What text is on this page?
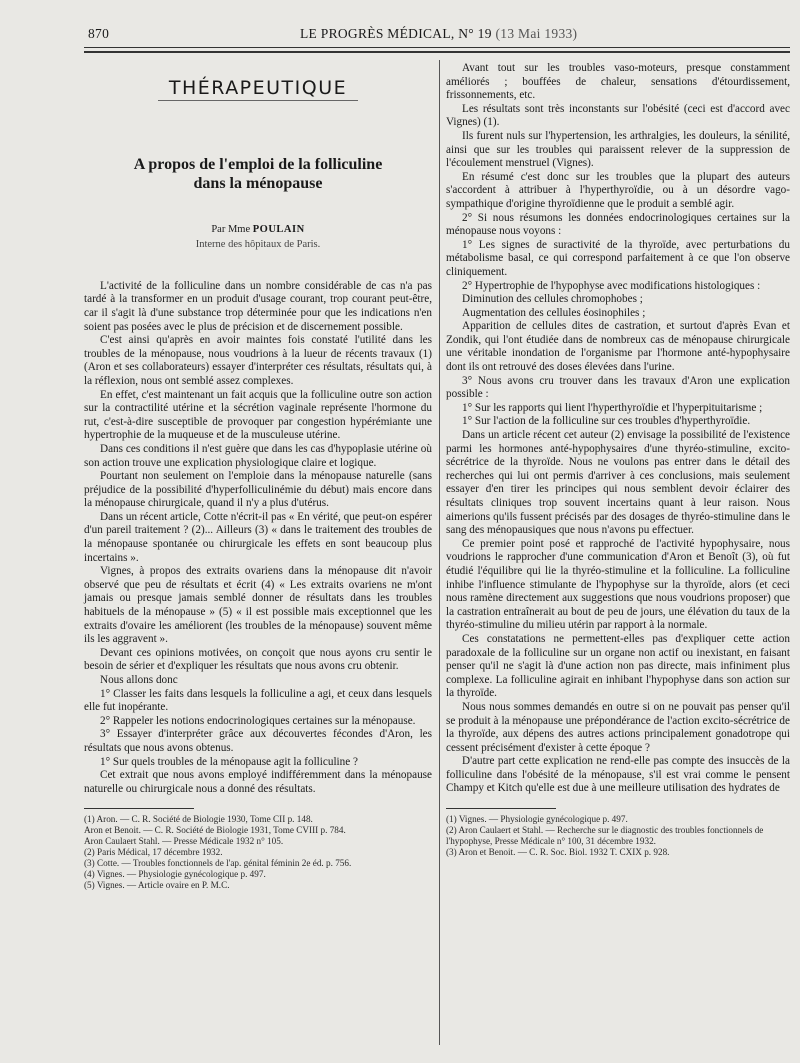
870	LE PROGRÈS MÉDICAL, N° 19 (13 Mai 1933)
THÉRAPEUTIQUE
A propos de l'emploi de la folliculine
dans la ménopause
Par Mme POULAIN
Interne des hôpitaux de Paris.

L'activité de la folliculine dans un nombre considérable de cas n'a pas tardé à la transformer en un produit d'usage courant, trop courant peut-être, car il s'agit là d'une substance trop déterminée pour que les indications n'en soient pas posées avec le plus de précision et de discernement possible.

C'est ainsi qu'après en avoir maintes fois constaté l'utilité dans les troubles de la ménopause, nous voudrions à la lueur de récents travaux (1) (Aron et ses collaborateurs) essayer d'interpréter ces résultats, résultats qui, à la réflexion, nous ont semblé assez complexes.

En effet, c'est maintenant un fait acquis que la folliculine outre son action sur la contractilité utérine et la sécrétion vaginale représente l'hormone du rut, c'est-à-dire susceptible de provoquer par congestion hypérémiante une hypertrophie de la muqueuse et de la musculeuse utérine.

Dans ces conditions il n'est guère que dans les cas d'hypoplasie utérine où son action trouve une explication physiologique claire et logique.

Pourtant non seulement on l'emploie dans la ménopause naturelle (sans préjudice de la possibilité d'hyperfolliculinémie du début) mais encore dans la ménopause chirurgicale, quand il n'y a plus d'utérus.

Dans un récent article, Cotte n'écrit-il pas « En vérité, que peut-on espérer d'un pareil traitement ? (2)... Ailleurs (3) « dans le traitement des troubles de la ménopause spontanée ou chirurgicale les effets en sont beaucoup plus incertains ».

Vignes, à propos des extraits ovariens dans la ménopause dit n'avoir observé que peu de résultats et écrit (4) « Les extraits ovariens ne m'ont jamais ou presque jamais semblé donner de résultats dans les troubles habituels de la ménopause » (5) « il est possible mais exceptionnel que les extraits d'ovaire les améliorent (les troubles de la ménopause) souvent même ils les aggravent ».

Devant ces opinions motivées, on conçoit que nous ayons cru sentir le besoin de sérier et d'expliquer les résultats que nous avons cru obtenir.

Nous allons donc

1° Classer les faits dans lesquels la folliculine a agi, et ceux dans lesquels elle fut inopérante.

2° Rappeler les notions endocrinologiques certaines sur la ménopause.

3° Essayer d'interpréter grâce aux découvertes fécondes d'Aron, les résultats que nous avons obtenus.

1° Sur quels troubles de la ménopause agit la folliculine ?

Cet extrait que nous avons employé indifféremment dans la ménopause naturelle ou chirurgicale nous a donné des résultats.

(1) Aron. — C. R. Société de Biologie 1930, Tome CII p. 148.

Aron et Benoit. — C. R. Société de Biologie 1931, Tome CVIII p. 784.

Aron Caulaert Stahl. — Presse Médicale 1932 n° 105.

(2) Paris Médical, 17 décembre 1932.

(3) Cotte. — Troubles fonctionnels de l'ap. génital féminin 2e éd. p. 756.

(4) Vignes. — Physiologie gynécologique p. 497.

(5) Vignes. — Article ovaire en P. M.C.

Avant tout sur les troubles vaso-moteurs, presque constamment améliorés ; bouffées de chaleur, sensations d'étourdissement, frissonnements, etc.

Les résultats sont très inconstants sur l'obésité (ceci est d'accord avec Vignes) (1).

Ils furent nuls sur l'hypertension, les arthralgies, les douleurs, la sénilité, ainsi que sur les troubles qui paraissent relever de la suppression de l'écoulement menstruel (Vignes).

En résumé c'est donc sur les troubles que la plupart des auteurs s'accordent à attribuer à l'hyperthyroïdie, ou à un désordre vago-sympathique d'origine thyroïdienne que le produit a semblé agir.

2° Si nous résumons les données endocrinologiques certaines sur la ménopause nous voyons :

1° Les signes de suractivité de la thyroïde, avec perturbations du métabolisme basal, ce qui correspond parfaitement à ce que l'on observe cliniquement.

2° Hypertrophie de l'hypophyse avec modifications histologiques :

Diminution des cellules chromophobes ;

Augmentation des cellules éosinophiles ;

Apparition de cellules dites de castration, et surtout d'après Evan et Zondik, qui l'ont étudiée dans de nombreux cas de ménopause chirurgicale une véritable inondation de l'organisme par l'hormone anté-hypophysaire dont ils ont retrouvé des doses élevées dans l'urine.

3° Nous avons cru trouver dans les travaux d'Aron une explication possible :

1° Sur les rapports qui lient l'hyperthyroïdie et l'hyperpituitarisme ;

1° Sur l'action de la folliculine sur ces troubles d'hyperthyroïdie.

Dans un article récent cet auteur (2) envisage la possibilité de l'existence parmi les hormones anté-hypophysaires d'une thyréo-stimuline, excito-sécrétrice de la thyroïde. Nous ne voulons pas entrer dans le détail des recherches qui lui ont permis d'arriver à ces conclusions, mais seulement essayer d'en tirer les principes qui nous semblent devoir éclairer des résultats cliniques trop souvent incertains quant à leur raison. Nous aimerions qu'ils fussent précisés par des dosages de thyréo-stimuline dans le sang des ménopausiques que nous n'avons pu effectuer.

Ce premier point posé et rapproché de l'activité hypophysaire, nous voudrions le rapprocher d'une communication d'Aron et Benoît (3), où fut étudié l'équilibre qui lie la thyréo-stimuline et la folliculine. La folliculine inhibe l'influence stimulante de l'hypophyse sur la thyroïde, alors (et ceci nous ramène directement aux suggestions que nous voudrions proposer) que la castration entraînerait au bout de peu de jours, une élévation du taux de la thyréo-stimuline du milieu utérin par rapport à la normale.

Ces constatations ne permettent-elles pas d'expliquer cette action paradoxale de la folliculine sur un organe non actif ou inexistant, en faisant penser qu'il ne s'agit là d'une action non pas directe, mais infiniment plus complexe. La folliculine agirait en inhibant l'hypophyse dans son action sur la thyroïde.

Nous nous sommes demandés en outre si on ne pouvait pas penser qu'il se produit à la ménopause une prépondérance de l'action excito-sécrétrice de la thyroïde, aux dépens des autres actions principalement gonadotrope qui cessent précisément d'exister à cette époque ?

D'autre part cette explication ne rend-elle pas compte des insuccès de la folliculine dans l'obésité de la ménopause, s'il est vrai comme le pensent Champy et Kitch qu'elle est due à une meilleure utilisation des hydrates de

(1) Vignes. — Physiologie gynécologique p. 497.

(2) Aron Caulaert et Stahl. — Recherche sur le diagnostic des troubles fonctionnels de l'hypophyse, Presse Médicale n° 100, 31 décembre 1932.

(3) Aron et Benoit. — C. R. Soc. Biol. 1932 T. CXIX p. 928.
